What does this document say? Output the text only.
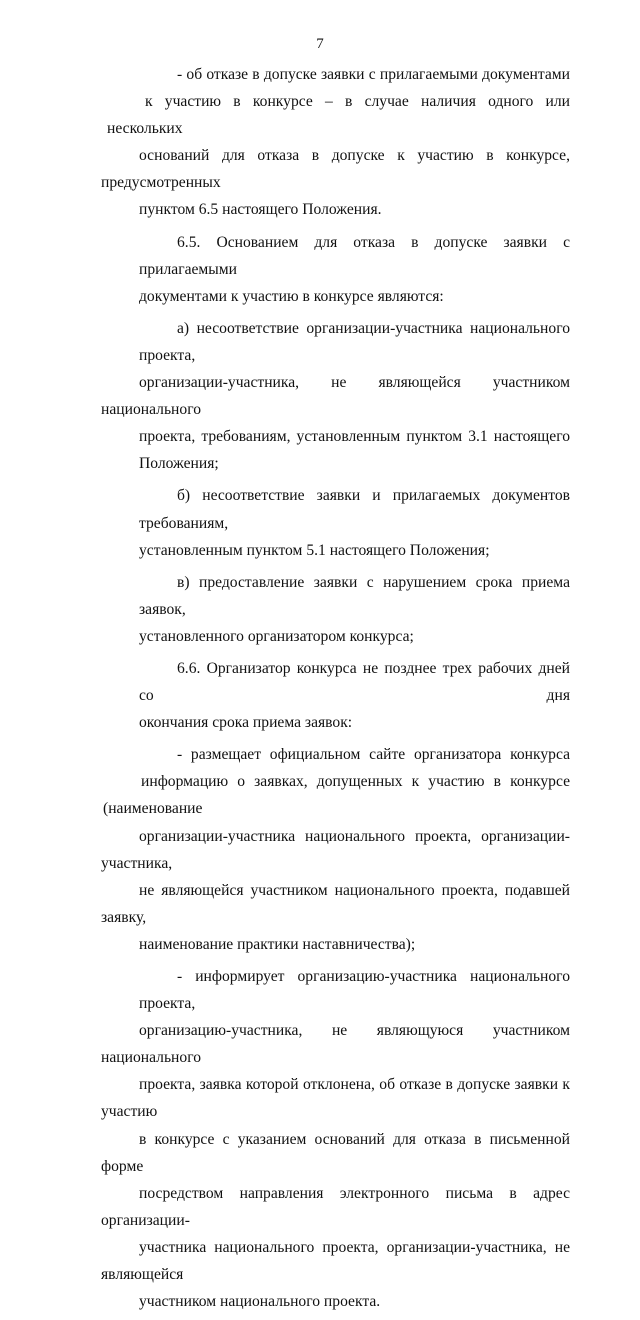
7
- об отказе в допуске заявки с прилагаемыми документами
к участию в конкурсе – в случае наличия одного или нескольких
оснований для отказа в допуске к участию в конкурсе, предусмотренных
пунктом 6.5 настоящего Положения.
6.5. Основанием для отказа в допуске заявки с прилагаемыми
документами к участию в конкурсе являются:
а) несоответствие организации-участника национального проекта,
организации-участника, не являющейся участником национального
проекта, требованиям, установленным пунктом 3.1 настоящего
Положения;
б) несоответствие заявки и прилагаемых документов требованиям,
установленным пунктом 5.1 настоящего Положения;
в) предоставление заявки с нарушением срока приема заявок,
установленного организатором конкурса;
6.6. Организатор конкурса не позднее трех рабочих дней со дня
окончания срока приема заявок:
- размещает официальном сайте организатора конкурса
информацию о заявках, допущенных к участию в конкурсе (наименование
организации-участника национального проекта, организации-участника,
не являющейся участником национального проекта, подавшей заявку,
наименование практики наставничества);
- информирует организацию-участника национального проекта,
организацию-участника, не являющуюся участником национального
проекта, заявка которой отклонена, об отказе в допуске заявки к участию
в конкурсе с указанием оснований для отказа в письменной форме
посредством направления электронного письма в адрес организации-
участника национального проекта, организации-участника, не являющейся
участником национального проекта.
